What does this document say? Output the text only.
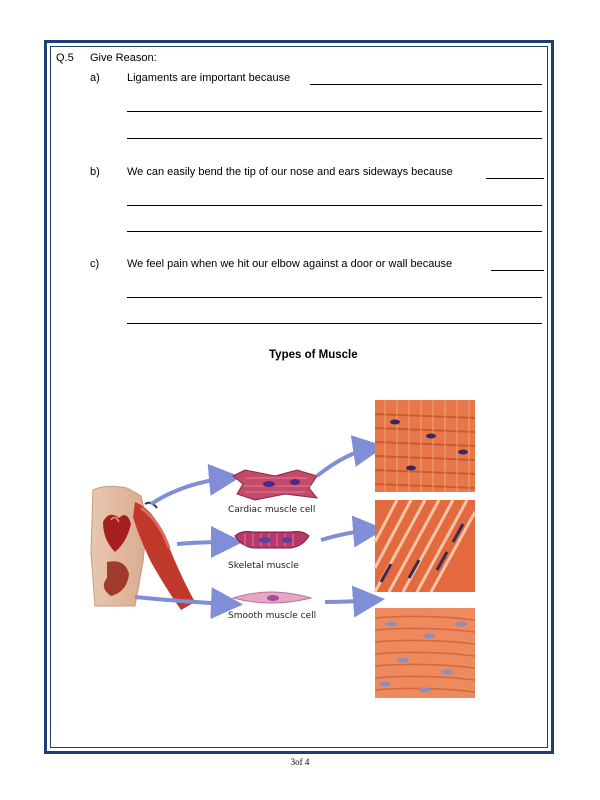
Q.5 Give Reason:
a) Ligaments are important because
b) We can easily bend the tip of our nose and ears sideways because
c)	We feel pain when we hit our elbow against a door or wall because
Types of Muscle
Cardiac muscle cell
Skeletal muscle
Smooth muscle cell
3of 4
